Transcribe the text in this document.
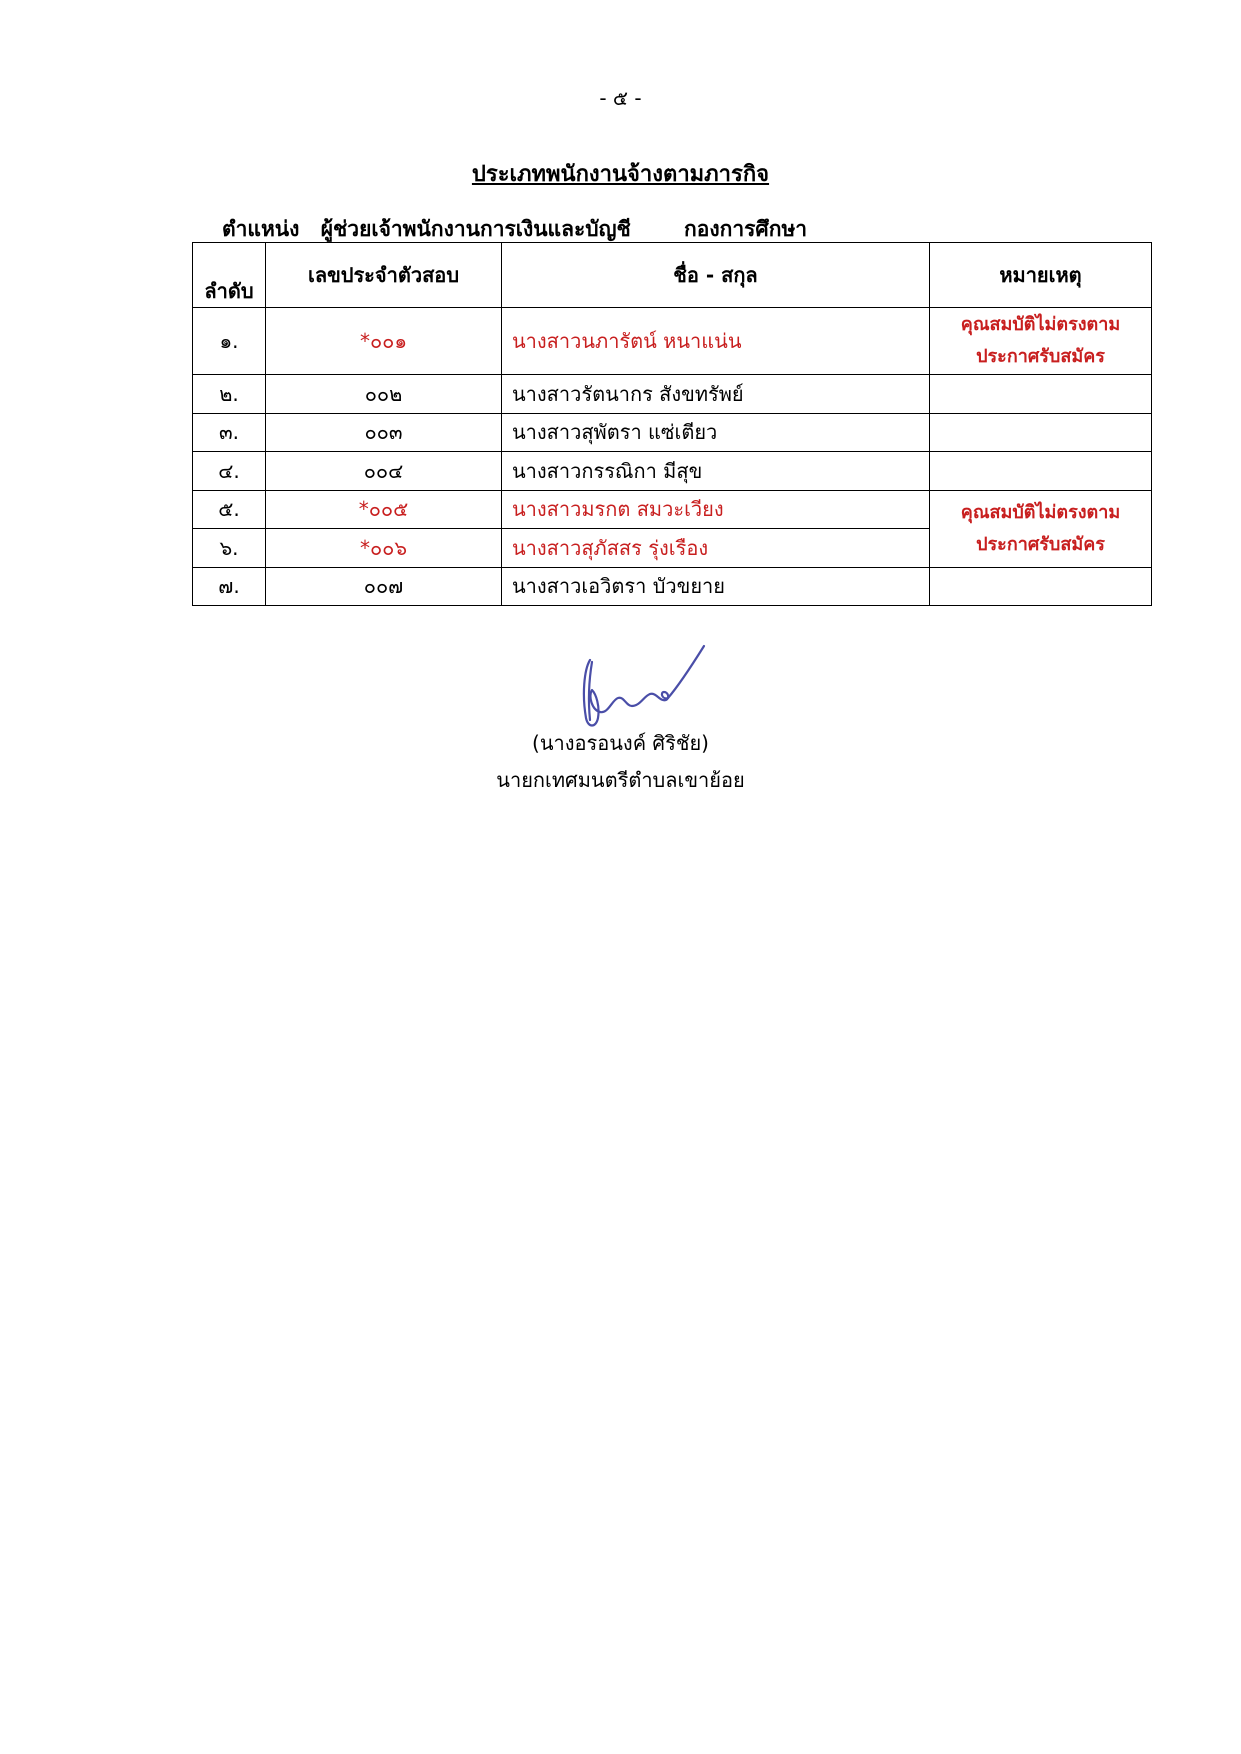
- ๕ -
ประเภทพนักงานจ้างตามภารกิจ
ตำแหน่ง ผู้ช่วยเจ้าพนักงานการเงินและบัญชี	กองการศึกษา
ลำดับ	เลขประจำตัวสอบ	ชื่อ - สกุล	หมายเหตุ
๑.	*๐๐๑	นางสาวนภารัตน์ หนาแน่น	คุณสมบัติไม่ตรงตาม
ประกาศรับสมัคร

๒.	๐๐๒	นางสาวรัตนากร สังขทรัพย์	
๓.	๐๐๓	นางสาวสุพัตรา แซ่เตียว	
๔.	๐๐๔	นางสาวกรรณิกา มีสุข	
๕.	*๐๐๕	นางสาวมรกต สมวะเวียง	คุณสมบัติไม่ตรงตาม
ประกาศรับสมัคร

๖.	*๐๐๖	นางสาวสุภัสสร รุ่งเรือง	
๗.	๐๐๗	นางสาวเอวิตรา บัวขยาย	
(นางอรอนงค์ ศิริชัย)
นายกเทศมนตรีตำบลเขาย้อย
